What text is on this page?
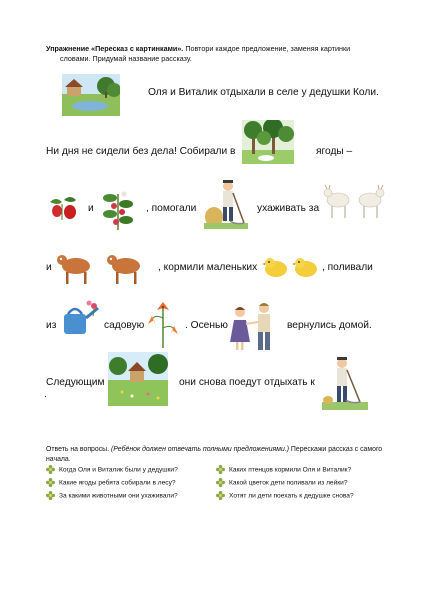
Упражнение «Пересказ с картинками». Повтори каждое предложение, заменяя картинки
словами. Придумай название рассказу.
Оля и Виталик отдыхали в селе у дедушки Коли.
Ни дня не сидели без дела! Собирали в	ягоды –
и	, помогали	ухаживать за
и	, кормили маленьких	, поливали
из	садовую	. Осенью	вернулись домой.
Следующим	они снова поедут отдыхать к
.
Ответь на вопросы. (Ребёнок должен отвечать полными предложениями.) Перескажи рассказ с самого начала.
Когда Оля и Виталик были у дедушки?
Какие ягоды ребята собирали в лесу?
За какими животными они ухаживали?
Каких птенцов кормили Оля и Виталик?
Какой цветок дети поливали из лейки?
Хотят ли дети поехать к дедушке снова?
